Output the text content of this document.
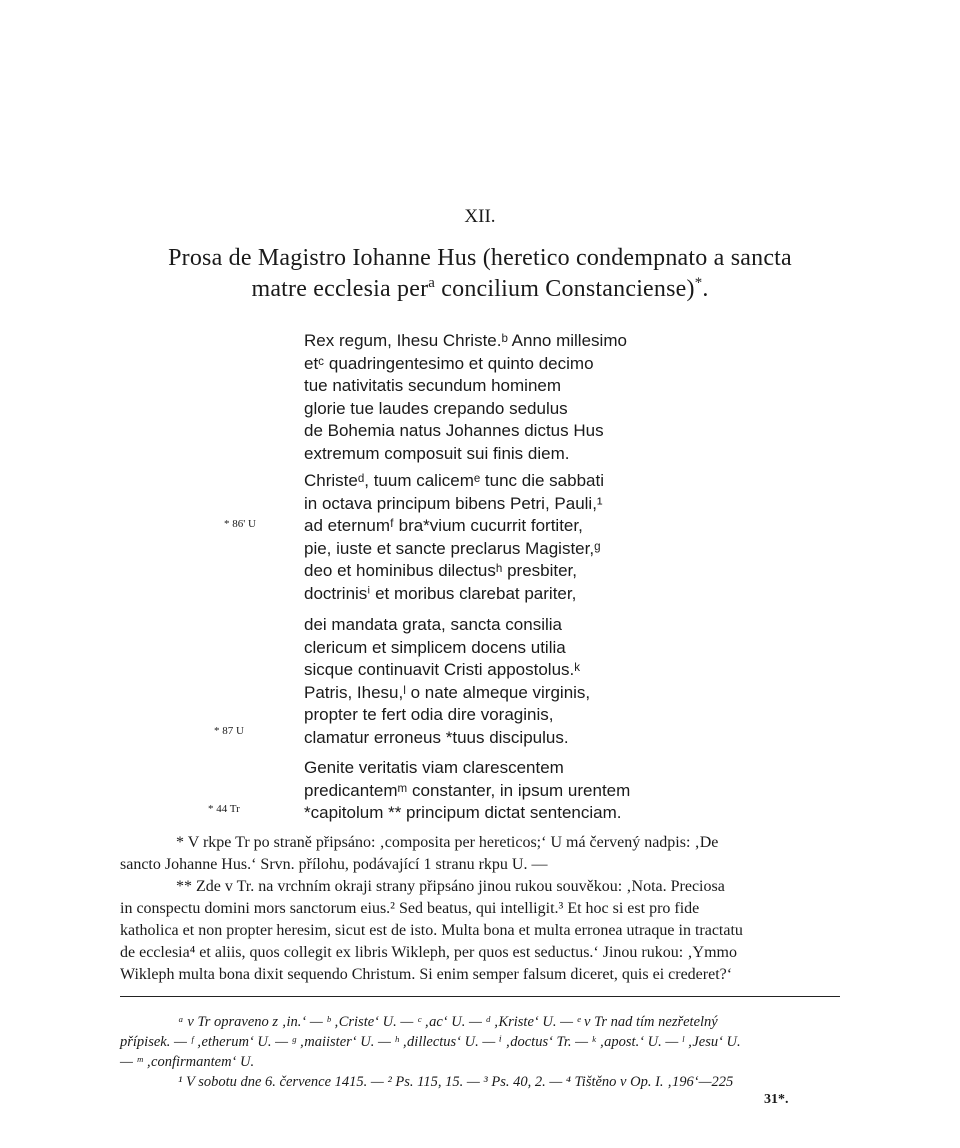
XII.
Prosa de Magistro Iohanne Hus (heretico condempnato a sancta
matre ecclesia per$^a$ concilium Constanciense)*.
Rex regum, Ihesu Christe.ᵇ Anno millesimo
etᶜ quadringentesimo et quinto decimo
tue nativitatis secundum hominem
glorie tue laudes crepando sedulus
de Bohemia natus Johannes dictus Hus
extremum composuit sui finis diem.
Christeᵈ, tuum calicemᵉ tunc die sabbati
in octava principum bibens Petri, Pauli,¹
ad eternumᶠ bra*vium cucurrit fortiter,
pie, iuste et sancte preclarus Magister,ᵍ
deo et hominibus dilectusʰ presbiter,
doctrinisⁱ et moribus clarebat pariter,
dei mandata grata, sancta consilia
clericum et simplicem docens utilia
sicque continuavit Cristi appostolus.ᵏ
Patris, Ihesu,ˡ o nate almeque virginis,
propter te fert odia dire voraginis,
clamatur erroneus *tuus discipulus.
Genite veritatis viam clarescentem
predicantemᵐ constanter, in ipsum urentem
*capitolum ** principum dictat sentenciam.
* 86' U
* 87 U
* 44 Tr
* V rkpe Tr po straně připsáno: ‚composita per hereticos;‘ U má červený nadpis: ‚De
sancto Johanne Hus.‘ Srvn. přílohu, podávající 1 stranu rkpu U. —
** Zde v Tr. na vrchním okraji strany připsáno jinou rukou souvěkou: ‚Nota. Preciosa
in conspectu domini mors sanctorum eius.² Sed beatus, qui intelligit.³ Et hoc si est pro fide
katholica et non propter heresim, sicut est de isto. Multa bona et multa erronea utraque in tractatu
de ecclesia⁴ et aliis, quos collegit ex libris Wikleph, per quos est seductus.‘ Jinou rukou: ‚Ymmo
Wikleph multa bona dixit sequendo Christum. Si enim semper falsum diceret, quis ei crederet?‘
ᵃ v Tr opraveno z ‚in.‘ — ᵇ ‚Criste‘ U. — ᶜ ‚ac‘ U. — ᵈ ‚Kriste‘ U. — ᵉ v Tr nad tím nezřetelný
přípisek. — ᶠ ‚etherum‘ U. — ᵍ ‚maiister‘ U. — ʰ ‚dillectus‘ U. — ⁱ ‚doctus‘ Tr. — ᵏ ‚apost.‘ U. — ˡ ‚Jesu‘ U.
— ᵐ ‚confirmantem‘ U.
¹ V sobotu dne 6. července 1415. — ² Ps. 115, 15. — ³ Ps. 40, 2. — ⁴ Tištěno v Op. I. ‚196‘—225
31*.
